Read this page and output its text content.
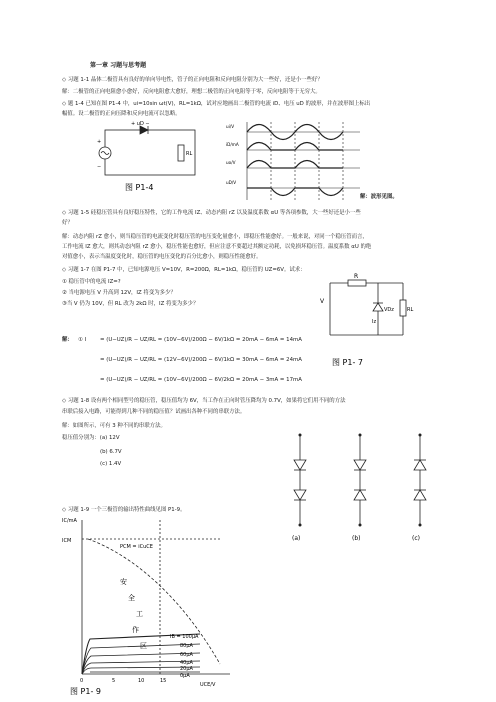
第一章 习题与思考题
◇ 习题 1-1 晶体二极管具有良好的单向导电性，管子的正向电阻和反向电阻分别为大一些好，还是小一些好？
解：二极管的正向电阻愈小愈好，反向电阻愈大愈好，理想二极管的正向电阻等于零，反向电阻等于无穷大。
◇ 题 1-4 已知在图 P1-4 中，ui=10sin ωt(V)，RL=1kΩ，试对应地画出二极管的电流 iD、电压 uD 的波形，并在波形图上标出
幅值。设二极管的正向压降和反向电流可以忽略。
+ uD −
+
−
RL
图 P1-4
ui/V
iD/mA
uo/V
uD/V
解：波形见图。
◇ 习题 1-5 硅稳压管具有良好稳压特性，它的工作电流 IZ、动态内阻 rZ 以及温度系数 αU 等各项参数，大一些好还是小一些
好？
解：动态内阻 rZ 愈小，则当稳压管的电流变化时稳压管的电压变化量愈小，即稳压性能愈好。一般来说，对同一个稳压管而言，
工作电流 IZ 愈大，则其动态内阻 rZ 愈小，稳压性能也愈好，但应注意不要超过其额定功耗，以免损坏稳压管。温度系数 αU 的绝
对值愈小，表示当温度变化时，稳压管的电压变化的百分比愈小，则稳压性能愈好。
◇ 习题 1-7 在图 P1-7 中，已知电源电压 V=10V，R=200Ω，RL=1kΩ，稳压管的 UZ=6V。试求：
① 稳压管中的电流 IZ=?
② 当电源电压 V 升高到 12V，IZ 将变为多少？
③当 V 仍为 10V，但 RL 改为 2kΩ 时，IZ 将变为多少？
R
V
VDz
Iz
RL
图 P1- 7
解： ① I	= (U−UZ)/R − UZ/RL = (10V−6V)/200Ω − 6V/1kΩ = 20mA − 6mA = 14mA
= (U−UZ)/R − UZ/RL = (12V−6V)/200Ω − 6V/1kΩ = 30mA − 6mA = 24mA
= (U−UZ)/R − UZ/RL = (10V−6V)/200Ω − 6V/2kΩ = 20mA − 3mA = 17mA
◇ 习题 1-8 设有两个相同型号的稳压管，稳压值均为 6V，当工作在正向时管压降均为 0.7V，如果将它们用不同的方法
串联后接入电路，可能得到几种不同的稳压值？试画出各种不同的串联方法。
解：如图所示，可有 3 种不同的串联方法。
稳压值分别为：(a) 12V
(b) 6.7V
(c) 1.4V
(a)	(b)	(c)
◇ 习题 1-9 一个三极管的输出特性曲线见图 P1-9。
IC/mA
ICM
PCM = iCuCE
IB = 100μA
80μA
60μA
40μA
20μA
0μA
UCE/V
0	5	10	15
安
全
工
作
区
图 P1- 9
